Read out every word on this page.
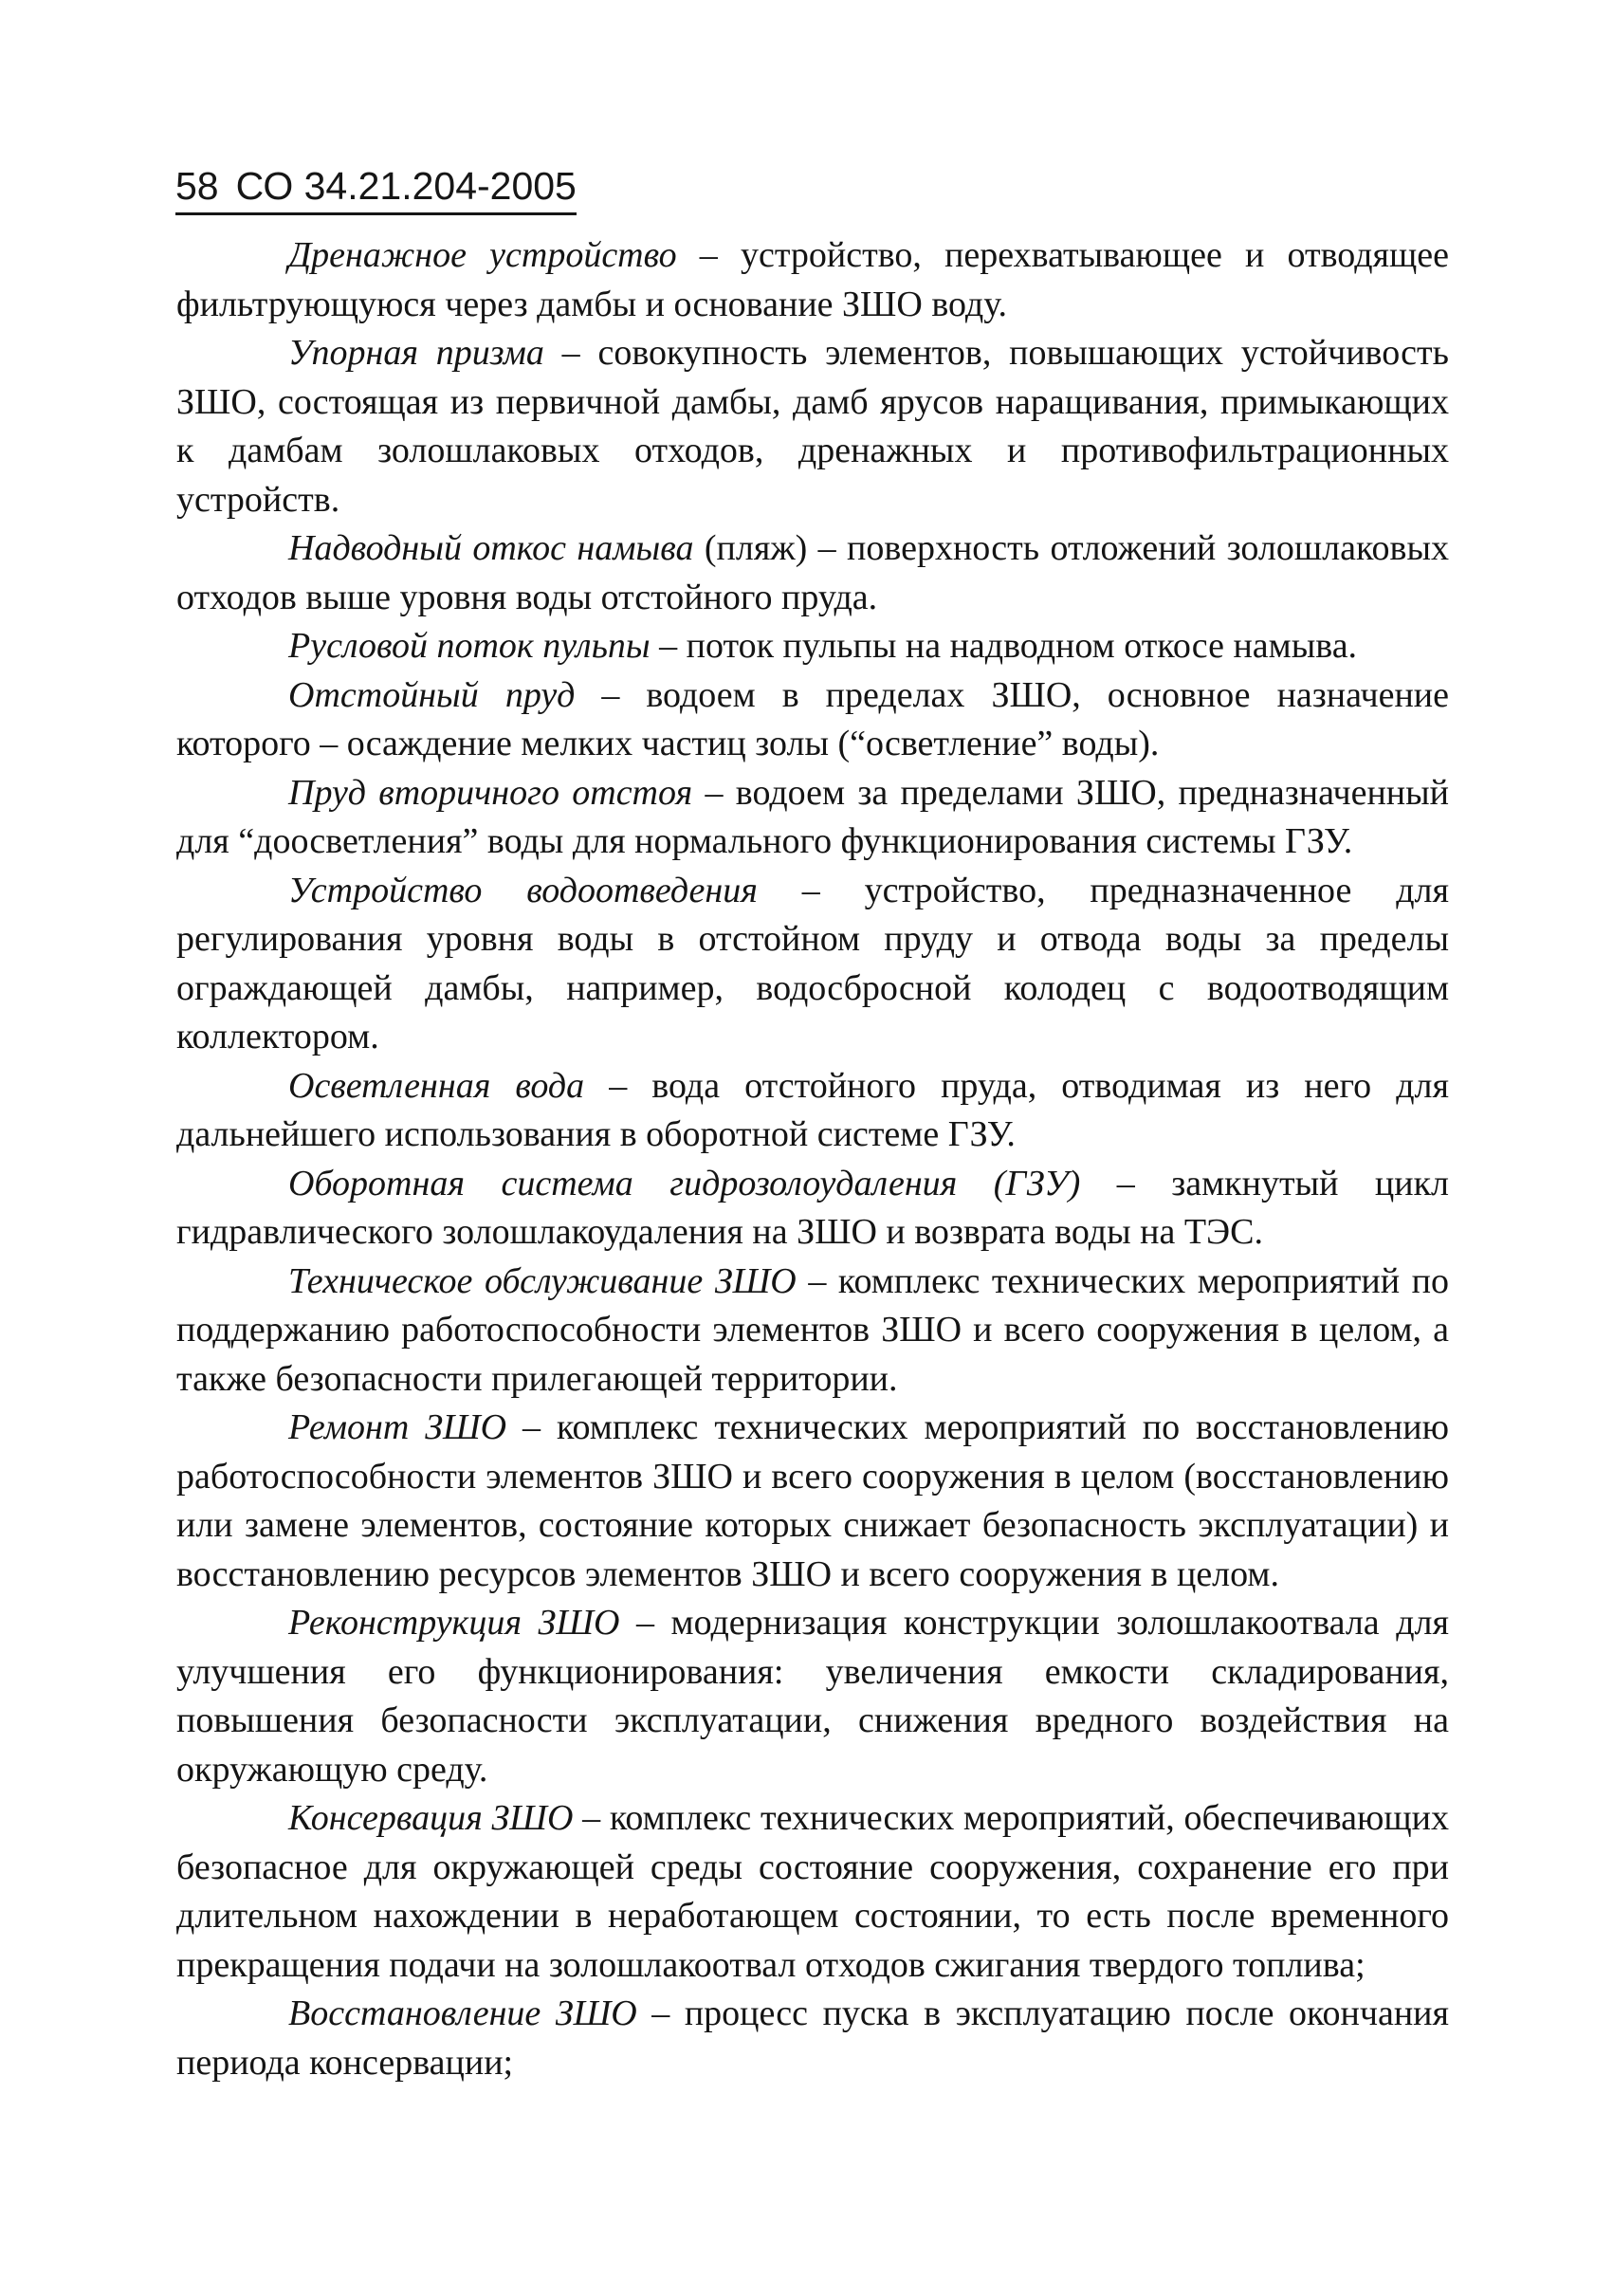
58 СО 34.21.204-2005

Дренажное устройство – устройство, перехватывающее и отводящее фильтрующуюся через дамбы и основание ЗШО воду.

Упорная призма – совокупность элементов, повышающих устойчивость ЗШО, состоящая из первичной дамбы, дамб ярусов наращивания, примыкающих к дамбам золошлаковых отходов, дренажных и противофильтрационных устройств.

Надводный откос намыва (пляж) – поверхность отложений золошлаковых отходов выше уровня воды отстойного пруда.

Русловой поток пульпы – поток пульпы на надводном откосе намыва.

Отстойный пруд – водоем в пределах ЗШО, основное назначение которого – осаждение мелких частиц золы (“осветление” воды).

Пруд вторичного отстоя – водоем за пределами ЗШО, предназначенный для “доосветления” воды для нормального функционирования системы ГЗУ.

Устройство водоотведения – устройство, предназначенное для регулирования уровня воды в отстойном пруду и отвода воды за пределы ограждающей дамбы, например, водосбросной колодец с водоотводящим коллектором.

Осветленная вода – вода отстойного пруда, отводимая из него для дальнейшего использования в оборотной системе ГЗУ.

Оборотная система гидрозолоудаления (ГЗУ) – замкнутый цикл гидравлического золошлакоудаления на ЗШО и возврата воды на ТЭС.

Техническое обслуживание ЗШО – комплекс технических мероприятий по поддержанию работоспособности элементов ЗШО и всего сооружения в целом, а также безопасности прилегающей территории.

Ремонт ЗШО – комплекс технических мероприятий по восстановлению работоспособности элементов ЗШО и всего сооружения в целом (восстановлению или замене элементов, состояние которых снижает безопасность эксплуатации) и восстановлению ресурсов элементов ЗШО и всего сооружения в целом.

Реконструкция ЗШО – модернизация конструкции золошлакоотвала для улучшения его функционирования: увеличения емкости складирования, повышения безопасности эксплуатации, снижения вредного воздействия на окружающую среду.

Консервация ЗШО – комплекс технических мероприятий, обеспечивающих безопасное для окружающей среды состояние сооружения, сохранение его при длительном нахождении в неработающем состоянии, то есть после временного прекращения подачи на золошлакоотвал отходов сжигания твердого топлива;

Восстановление ЗШО – процесс пуска в эксплуатацию после окончания периода консервации;
